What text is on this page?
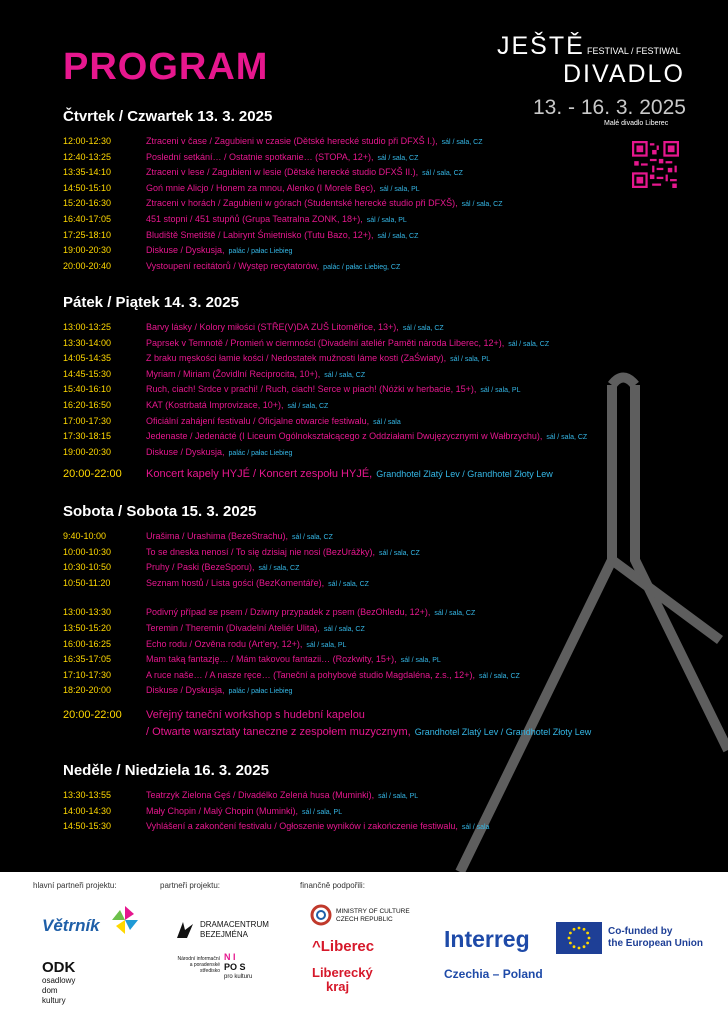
PROGRAM	JEŠTĚ FESTIVAL / FESTIWAL
DIVADLO
13. - 16. 3. 2025
Malé divadlo Liberec
Čtvrtek / Czwartek 13. 3. 2025
12:00-12:30	Ztraceni v čase / Zagubieni w czasie (Dětské herecké studio při DFXŠ I.), sál / sala, CZ
12:40-13:25	Poslední setkání… / Ostatnie spotkanie… (STOPA, 12+), sál / sala, CZ
13:35-14:10	Ztraceni v lese / Zagubieni w lesie (Dětské herecké studio DFXŠ II.), sál / sala, CZ
14:50-15:10	Goń mnie Alicjo / Honem za mnou, Alenko (I Morele Bęc), sál / sala, PL
15:20-16:30	Ztraceni v horách / Zagubieni w górach (Studentské herecké studio při DFXŠ), sál / sala, CZ
16:40-17:05	451 stopni / 451 stupňů (Grupa Teatralna ZONK, 18+), sál / sala, PL
17:25-18:10	Bludiště Smetiště / Labirynt Śmietnisko (Tutu Bazo, 12+), sál / sala, CZ
19:00-20:30	Diskuse / Dyskusja, palác / pałac Liebieg
20:00-20:40	Vystoupení recitátorů / Występ recytatorów, palác / pałac Liebieg, CZ
Pátek / Piątek 14. 3. 2025
13:00-13:25	Barvy lásky / Kolory miłości (STŘE(V)DA ZUŠ Litoměřice, 13+), sál / sala, CZ
13:30-14:00	Paprsek v Temnotě / Promień w ciemności (Divadelní ateliér Paměti národa Liberec, 12+), sál / sala, CZ
14:05-14:35	Z braku męskości łamie kości / Nedostatek mužnosti láme kosti (ZaŚwiaty), sál / sala, PL
14:45-15:30	Myriam / Miriam (Žovidlní Reciprocita, 10+), sál / sala, CZ
15:40-16:10	Ruch, ciach! Srdce v prachi! / Ruch, ciach! Serce w piach! (Nóżki w herbacie, 15+), sál / sala, PL
16:20-16:50	KAT (Kostrbatá Improvizace, 10+), sál / sala, CZ
17:00-17:30	Oficiální zahájení festivalu / Oficjalne otwarcie festiwalu, sál / sala
17:30-18:15	Jedenaste / Jedenácté (I Liceum Ogólnokształcącego z Oddziałami Dwujęzycznymi w Wałbrzychu), sál / sala, CZ
19:00-20:30	Diskuse / Dyskusja, palác / pałac Liebieg
20:00-22:00	Koncert kapely HYJÉ / Koncert zespołu HYJÉ, Grandhotel Zlatý Lev / Grandhotel Złoty Lew
Sobota / Sobota 15. 3. 2025
9:40-10:00	Urašima / Urashima (BezeStrachu), sál / sala, CZ
10:00-10:30	To se dneska nenosí / To się dzisiaj nie nosi (BezUrážky), sál / sala, CZ
10:30-10:50	Pruhy / Paski (BezeSporu), sál / sala, CZ
10:50-11:20	Seznam hostů / Lista gości (BezKomentáře), sál / sala, CZ
13:00-13:30	Podivný případ se psem / Dziwny przypadek z psem (BezOhledu, 12+), sál / sala, CZ
13:50-15:20	Teremin / Theremin (Divadelní Ateliér Ulita), sál / sala, CZ
16:00-16:25	Echo rodu / Ozvěna rodu (Art'ery, 12+), sál / sala, PL
16:35-17:05	Mam taką fantazję… / Mám takovou fantazii… (Rozkwity, 15+), sál / sala, PL
17:10-17:30	A ruce naše… / A nasze ręce… (Taneční a pohybové studio Magdaléna, z.s., 12+), sál / sala, CZ
18:20-20:00	Diskuse / Dyskusja, palác / pałac Liebieg
20:00-22:00	Veřejný taneční workshop s hudební kapelou
/ Otwarte warsztaty taneczne z zespołem muzycznym, Grandhotel Zlatý Lev / Grandhotel Złoty Lew
Neděle / Niedziela 16. 3. 2025
13:30-13:55	Teatrzyk Zielona Gęś / Divadélko Zelená husa (Muminki), sál / sala, PL
14:00-14:30	Mały Chopin / Malý Chopin (Muminki), sál / sala, PL
14:50-15:30	Vyhlášení a zakončení festivalu / Ogłoszenie wyników i zakończenie festiwalu, sál / sala
hlavní partneři projektu:	partneři projektu:	finančně podpořili:
Větrník
ODK
osadlowy
dom
kultury
DRAMACENTRUM
BEZEJMÉNA
Národní informační
a poradenské
středisko
N I
PO S
pro kulturu
MINISTRY OF CULTURE
CZECH REPUBLIC
^Liberec
Liberecký
kraj
Interreg
Czechia – Poland
Co-funded by
the European Union
